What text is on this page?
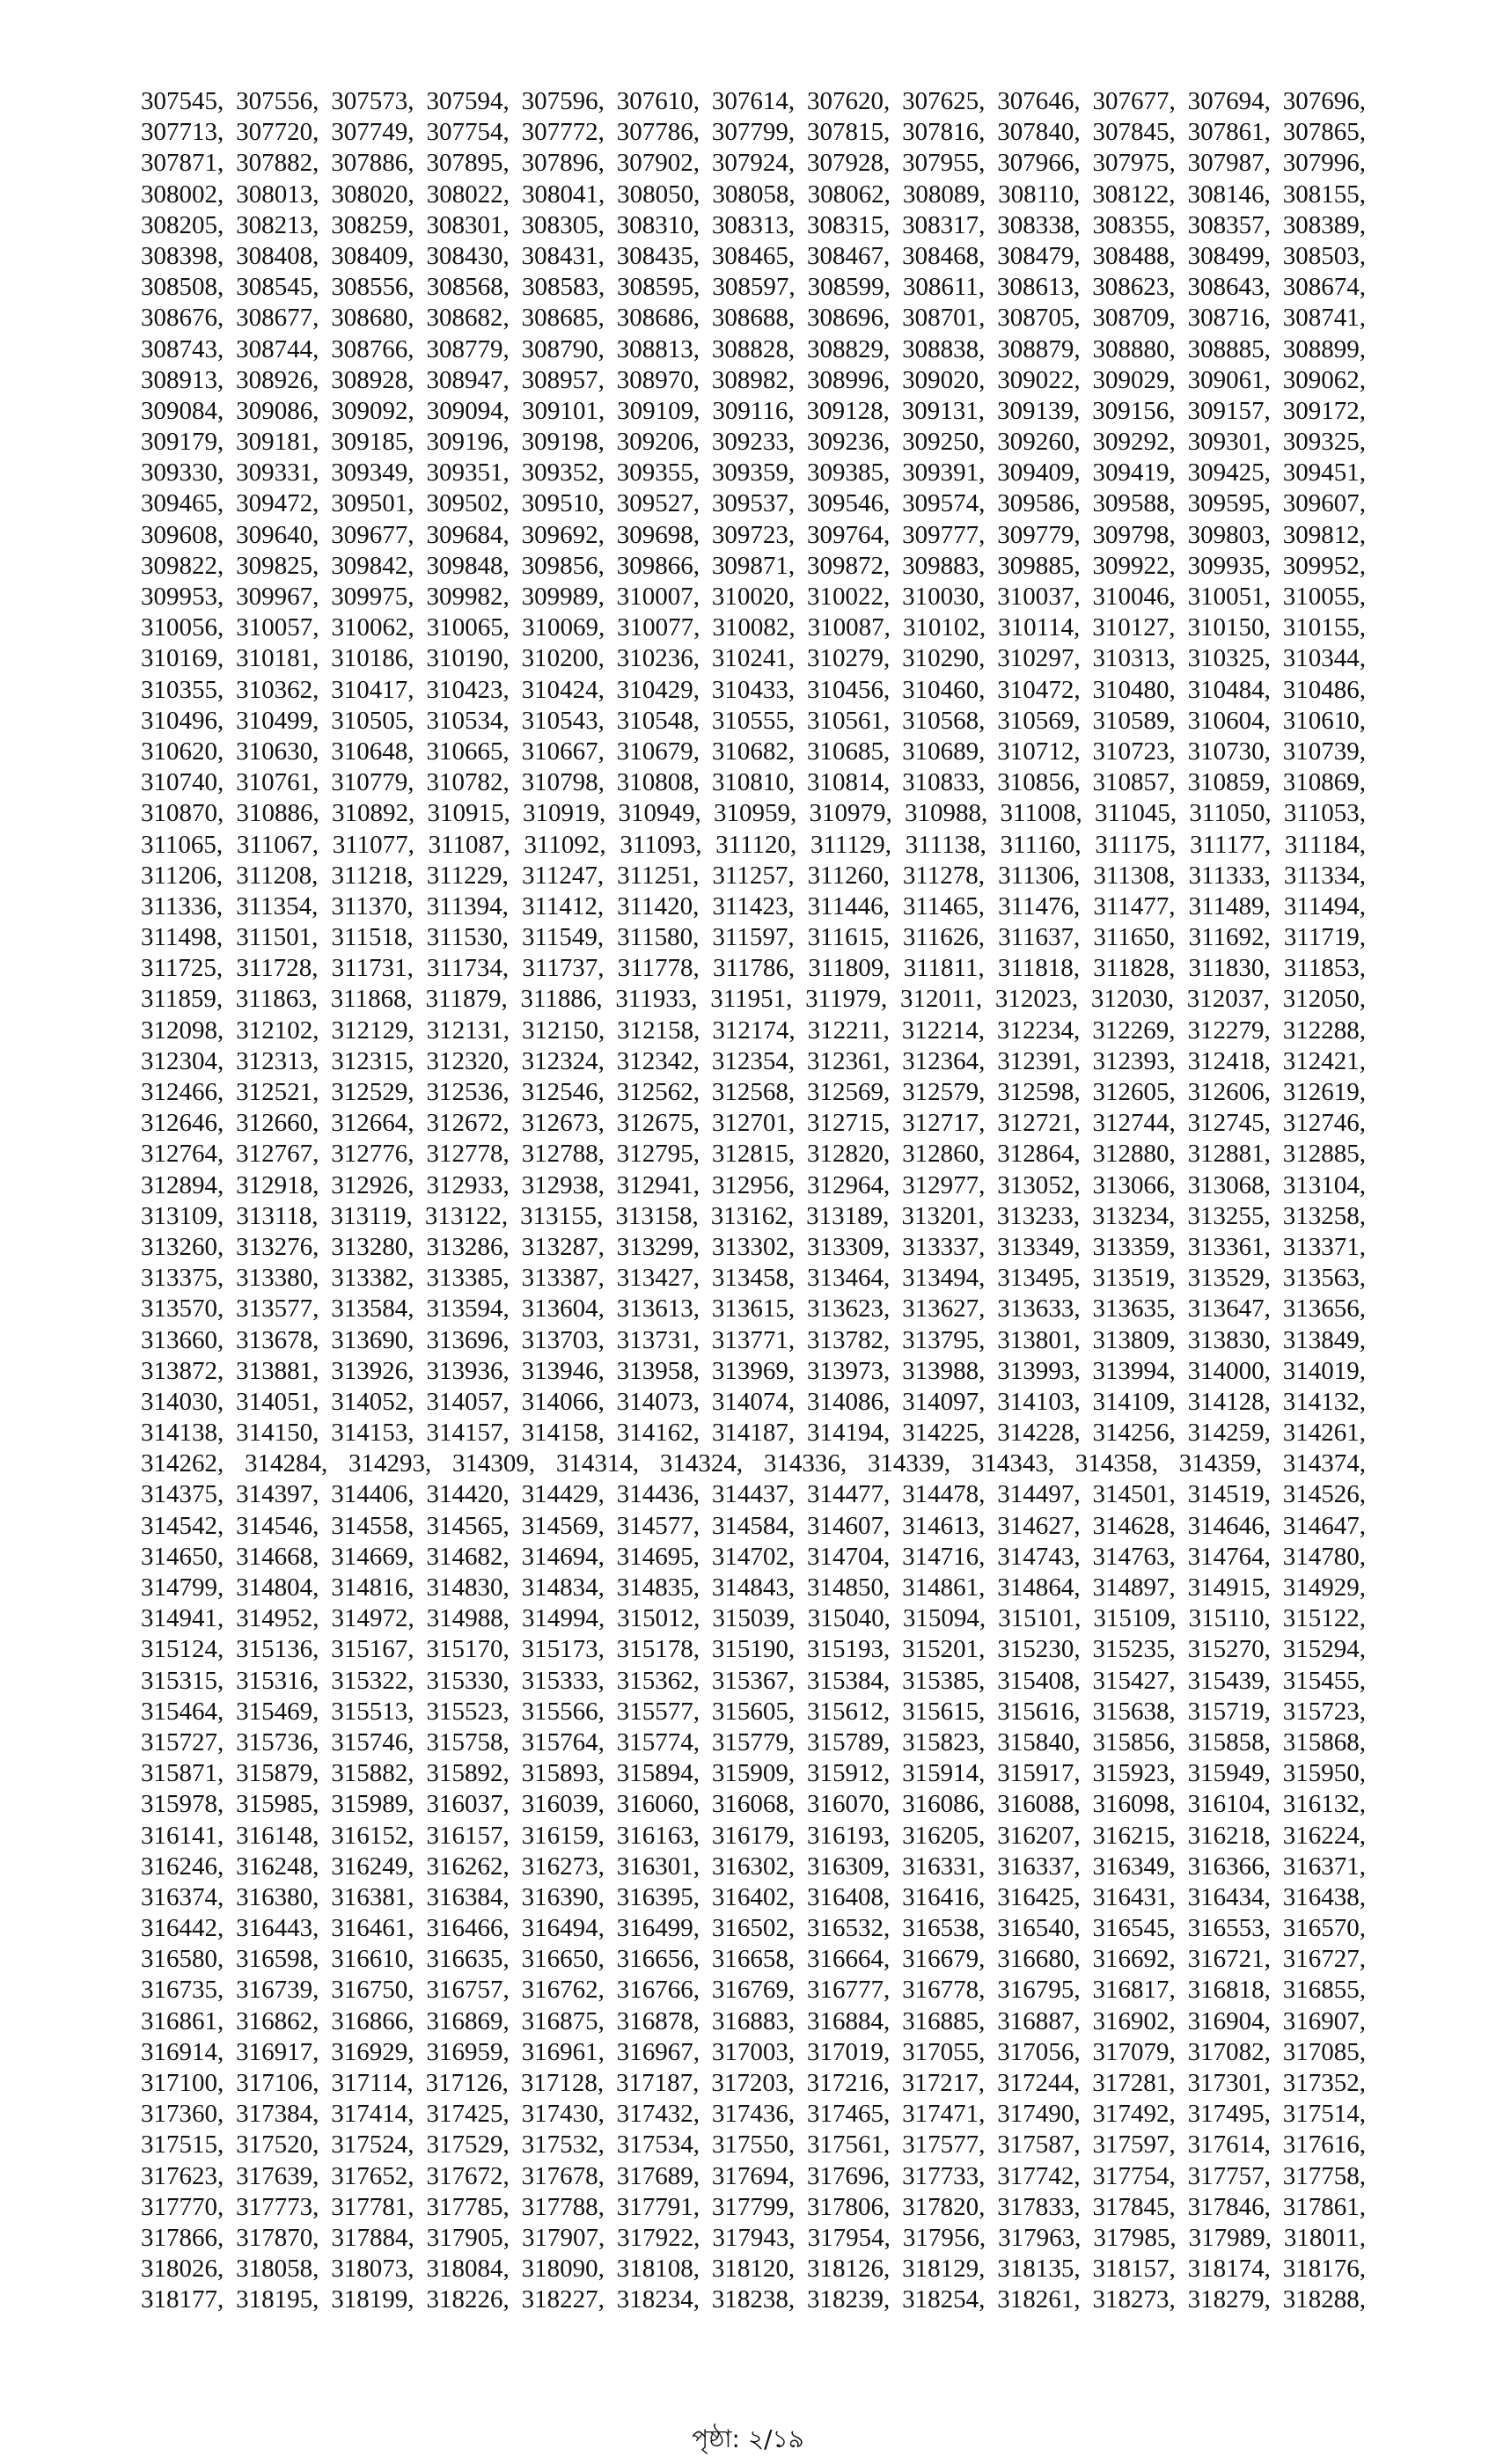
307545, 307556, 307573, 307594, 307596, 307610, 307614, 307620, 307625, 307646, 307677, 307694, 307696,
307713, 307720, 307749, 307754, 307772, 307786, 307799, 307815, 307816, 307840, 307845, 307861, 307865,
307871, 307882, 307886, 307895, 307896, 307902, 307924, 307928, 307955, 307966, 307975, 307987, 307996,
308002, 308013, 308020, 308022, 308041, 308050, 308058, 308062, 308089, 308110, 308122, 308146, 308155,
308205, 308213, 308259, 308301, 308305, 308310, 308313, 308315, 308317, 308338, 308355, 308357, 308389,
308398, 308408, 308409, 308430, 308431, 308435, 308465, 308467, 308468, 308479, 308488, 308499, 308503,
308508, 308545, 308556, 308568, 308583, 308595, 308597, 308599, 308611, 308613, 308623, 308643, 308674,
308676, 308677, 308680, 308682, 308685, 308686, 308688, 308696, 308701, 308705, 308709, 308716, 308741,
308743, 308744, 308766, 308779, 308790, 308813, 308828, 308829, 308838, 308879, 308880, 308885, 308899,
308913, 308926, 308928, 308947, 308957, 308970, 308982, 308996, 309020, 309022, 309029, 309061, 309062,
309084, 309086, 309092, 309094, 309101, 309109, 309116, 309128, 309131, 309139, 309156, 309157, 309172,
309179, 309181, 309185, 309196, 309198, 309206, 309233, 309236, 309250, 309260, 309292, 309301, 309325,
309330, 309331, 309349, 309351, 309352, 309355, 309359, 309385, 309391, 309409, 309419, 309425, 309451,
309465, 309472, 309501, 309502, 309510, 309527, 309537, 309546, 309574, 309586, 309588, 309595, 309607,
309608, 309640, 309677, 309684, 309692, 309698, 309723, 309764, 309777, 309779, 309798, 309803, 309812,
309822, 309825, 309842, 309848, 309856, 309866, 309871, 309872, 309883, 309885, 309922, 309935, 309952,
309953, 309967, 309975, 309982, 309989, 310007, 310020, 310022, 310030, 310037, 310046, 310051, 310055,
310056, 310057, 310062, 310065, 310069, 310077, 310082, 310087, 310102, 310114, 310127, 310150, 310155,
310169, 310181, 310186, 310190, 310200, 310236, 310241, 310279, 310290, 310297, 310313, 310325, 310344,
310355, 310362, 310417, 310423, 310424, 310429, 310433, 310456, 310460, 310472, 310480, 310484, 310486,
310496, 310499, 310505, 310534, 310543, 310548, 310555, 310561, 310568, 310569, 310589, 310604, 310610,
310620, 310630, 310648, 310665, 310667, 310679, 310682, 310685, 310689, 310712, 310723, 310730, 310739,
310740, 310761, 310779, 310782, 310798, 310808, 310810, 310814, 310833, 310856, 310857, 310859, 310869,
310870, 310886, 310892, 310915, 310919, 310949, 310959, 310979, 310988, 311008, 311045, 311050, 311053,
311065, 311067, 311077, 311087, 311092, 311093, 311120, 311129, 311138, 311160, 311175, 311177, 311184,
311206, 311208, 311218, 311229, 311247, 311251, 311257, 311260, 311278, 311306, 311308, 311333, 311334,
311336, 311354, 311370, 311394, 311412, 311420, 311423, 311446, 311465, 311476, 311477, 311489, 311494,
311498, 311501, 311518, 311530, 311549, 311580, 311597, 311615, 311626, 311637, 311650, 311692, 311719,
311725, 311728, 311731, 311734, 311737, 311778, 311786, 311809, 311811, 311818, 311828, 311830, 311853,
311859, 311863, 311868, 311879, 311886, 311933, 311951, 311979, 312011, 312023, 312030, 312037, 312050,
312098, 312102, 312129, 312131, 312150, 312158, 312174, 312211, 312214, 312234, 312269, 312279, 312288,
312304, 312313, 312315, 312320, 312324, 312342, 312354, 312361, 312364, 312391, 312393, 312418, 312421,
312466, 312521, 312529, 312536, 312546, 312562, 312568, 312569, 312579, 312598, 312605, 312606, 312619,
312646, 312660, 312664, 312672, 312673, 312675, 312701, 312715, 312717, 312721, 312744, 312745, 312746,
312764, 312767, 312776, 312778, 312788, 312795, 312815, 312820, 312860, 312864, 312880, 312881, 312885,
312894, 312918, 312926, 312933, 312938, 312941, 312956, 312964, 312977, 313052, 313066, 313068, 313104,
313109, 313118, 313119, 313122, 313155, 313158, 313162, 313189, 313201, 313233, 313234, 313255, 313258,
313260, 313276, 313280, 313286, 313287, 313299, 313302, 313309, 313337, 313349, 313359, 313361, 313371,
313375, 313380, 313382, 313385, 313387, 313427, 313458, 313464, 313494, 313495, 313519, 313529, 313563,
313570, 313577, 313584, 313594, 313604, 313613, 313615, 313623, 313627, 313633, 313635, 313647, 313656,
313660, 313678, 313690, 313696, 313703, 313731, 313771, 313782, 313795, 313801, 313809, 313830, 313849,
313872, 313881, 313926, 313936, 313946, 313958, 313969, 313973, 313988, 313993, 313994, 314000, 314019,
314030, 314051, 314052, 314057, 314066, 314073, 314074, 314086, 314097, 314103, 314109, 314128, 314132,
314138, 314150, 314153, 314157, 314158, 314162, 314187, 314194, 314225, 314228, 314256, 314259, 314261,
314262, 314284, 314293, 314309, 314314, 314324, 314336, 314339, 314343, 314358, 314359, 314374,
314375, 314397, 314406, 314420, 314429, 314436, 314437, 314477, 314478, 314497, 314501, 314519, 314526,
314542, 314546, 314558, 314565, 314569, 314577, 314584, 314607, 314613, 314627, 314628, 314646, 314647,
314650, 314668, 314669, 314682, 314694, 314695, 314702, 314704, 314716, 314743, 314763, 314764, 314780,
314799, 314804, 314816, 314830, 314834, 314835, 314843, 314850, 314861, 314864, 314897, 314915, 314929,
314941, 314952, 314972, 314988, 314994, 315012, 315039, 315040, 315094, 315101, 315109, 315110, 315122,
315124, 315136, 315167, 315170, 315173, 315178, 315190, 315193, 315201, 315230, 315235, 315270, 315294,
315315, 315316, 315322, 315330, 315333, 315362, 315367, 315384, 315385, 315408, 315427, 315439, 315455,
315464, 315469, 315513, 315523, 315566, 315577, 315605, 315612, 315615, 315616, 315638, 315719, 315723,
315727, 315736, 315746, 315758, 315764, 315774, 315779, 315789, 315823, 315840, 315856, 315858, 315868,
315871, 315879, 315882, 315892, 315893, 315894, 315909, 315912, 315914, 315917, 315923, 315949, 315950,
315978, 315985, 315989, 316037, 316039, 316060, 316068, 316070, 316086, 316088, 316098, 316104, 316132,
316141, 316148, 316152, 316157, 316159, 316163, 316179, 316193, 316205, 316207, 316215, 316218, 316224,
316246, 316248, 316249, 316262, 316273, 316301, 316302, 316309, 316331, 316337, 316349, 316366, 316371,
316374, 316380, 316381, 316384, 316390, 316395, 316402, 316408, 316416, 316425, 316431, 316434, 316438,
316442, 316443, 316461, 316466, 316494, 316499, 316502, 316532, 316538, 316540, 316545, 316553, 316570,
316580, 316598, 316610, 316635, 316650, 316656, 316658, 316664, 316679, 316680, 316692, 316721, 316727,
316735, 316739, 316750, 316757, 316762, 316766, 316769, 316777, 316778, 316795, 316817, 316818, 316855,
316861, 316862, 316866, 316869, 316875, 316878, 316883, 316884, 316885, 316887, 316902, 316904, 316907,
316914, 316917, 316929, 316959, 316961, 316967, 317003, 317019, 317055, 317056, 317079, 317082, 317085,
317100, 317106, 317114, 317126, 317128, 317187, 317203, 317216, 317217, 317244, 317281, 317301, 317352,
317360, 317384, 317414, 317425, 317430, 317432, 317436, 317465, 317471, 317490, 317492, 317495, 317514,
317515, 317520, 317524, 317529, 317532, 317534, 317550, 317561, 317577, 317587, 317597, 317614, 317616,
317623, 317639, 317652, 317672, 317678, 317689, 317694, 317696, 317733, 317742, 317754, 317757, 317758,
317770, 317773, 317781, 317785, 317788, 317791, 317799, 317806, 317820, 317833, 317845, 317846, 317861,
317866, 317870, 317884, 317905, 317907, 317922, 317943, 317954, 317956, 317963, 317985, 317989, 318011,
318026, 318058, 318073, 318084, 318090, 318108, 318120, 318126, 318129, 318135, 318157, 318174, 318176,
318177, 318195, 318199, 318226, 318227, 318234, 318238, 318239, 318254, 318261, 318273, 318279, 318288,
পৃষ্ঠা: ২/১৯
